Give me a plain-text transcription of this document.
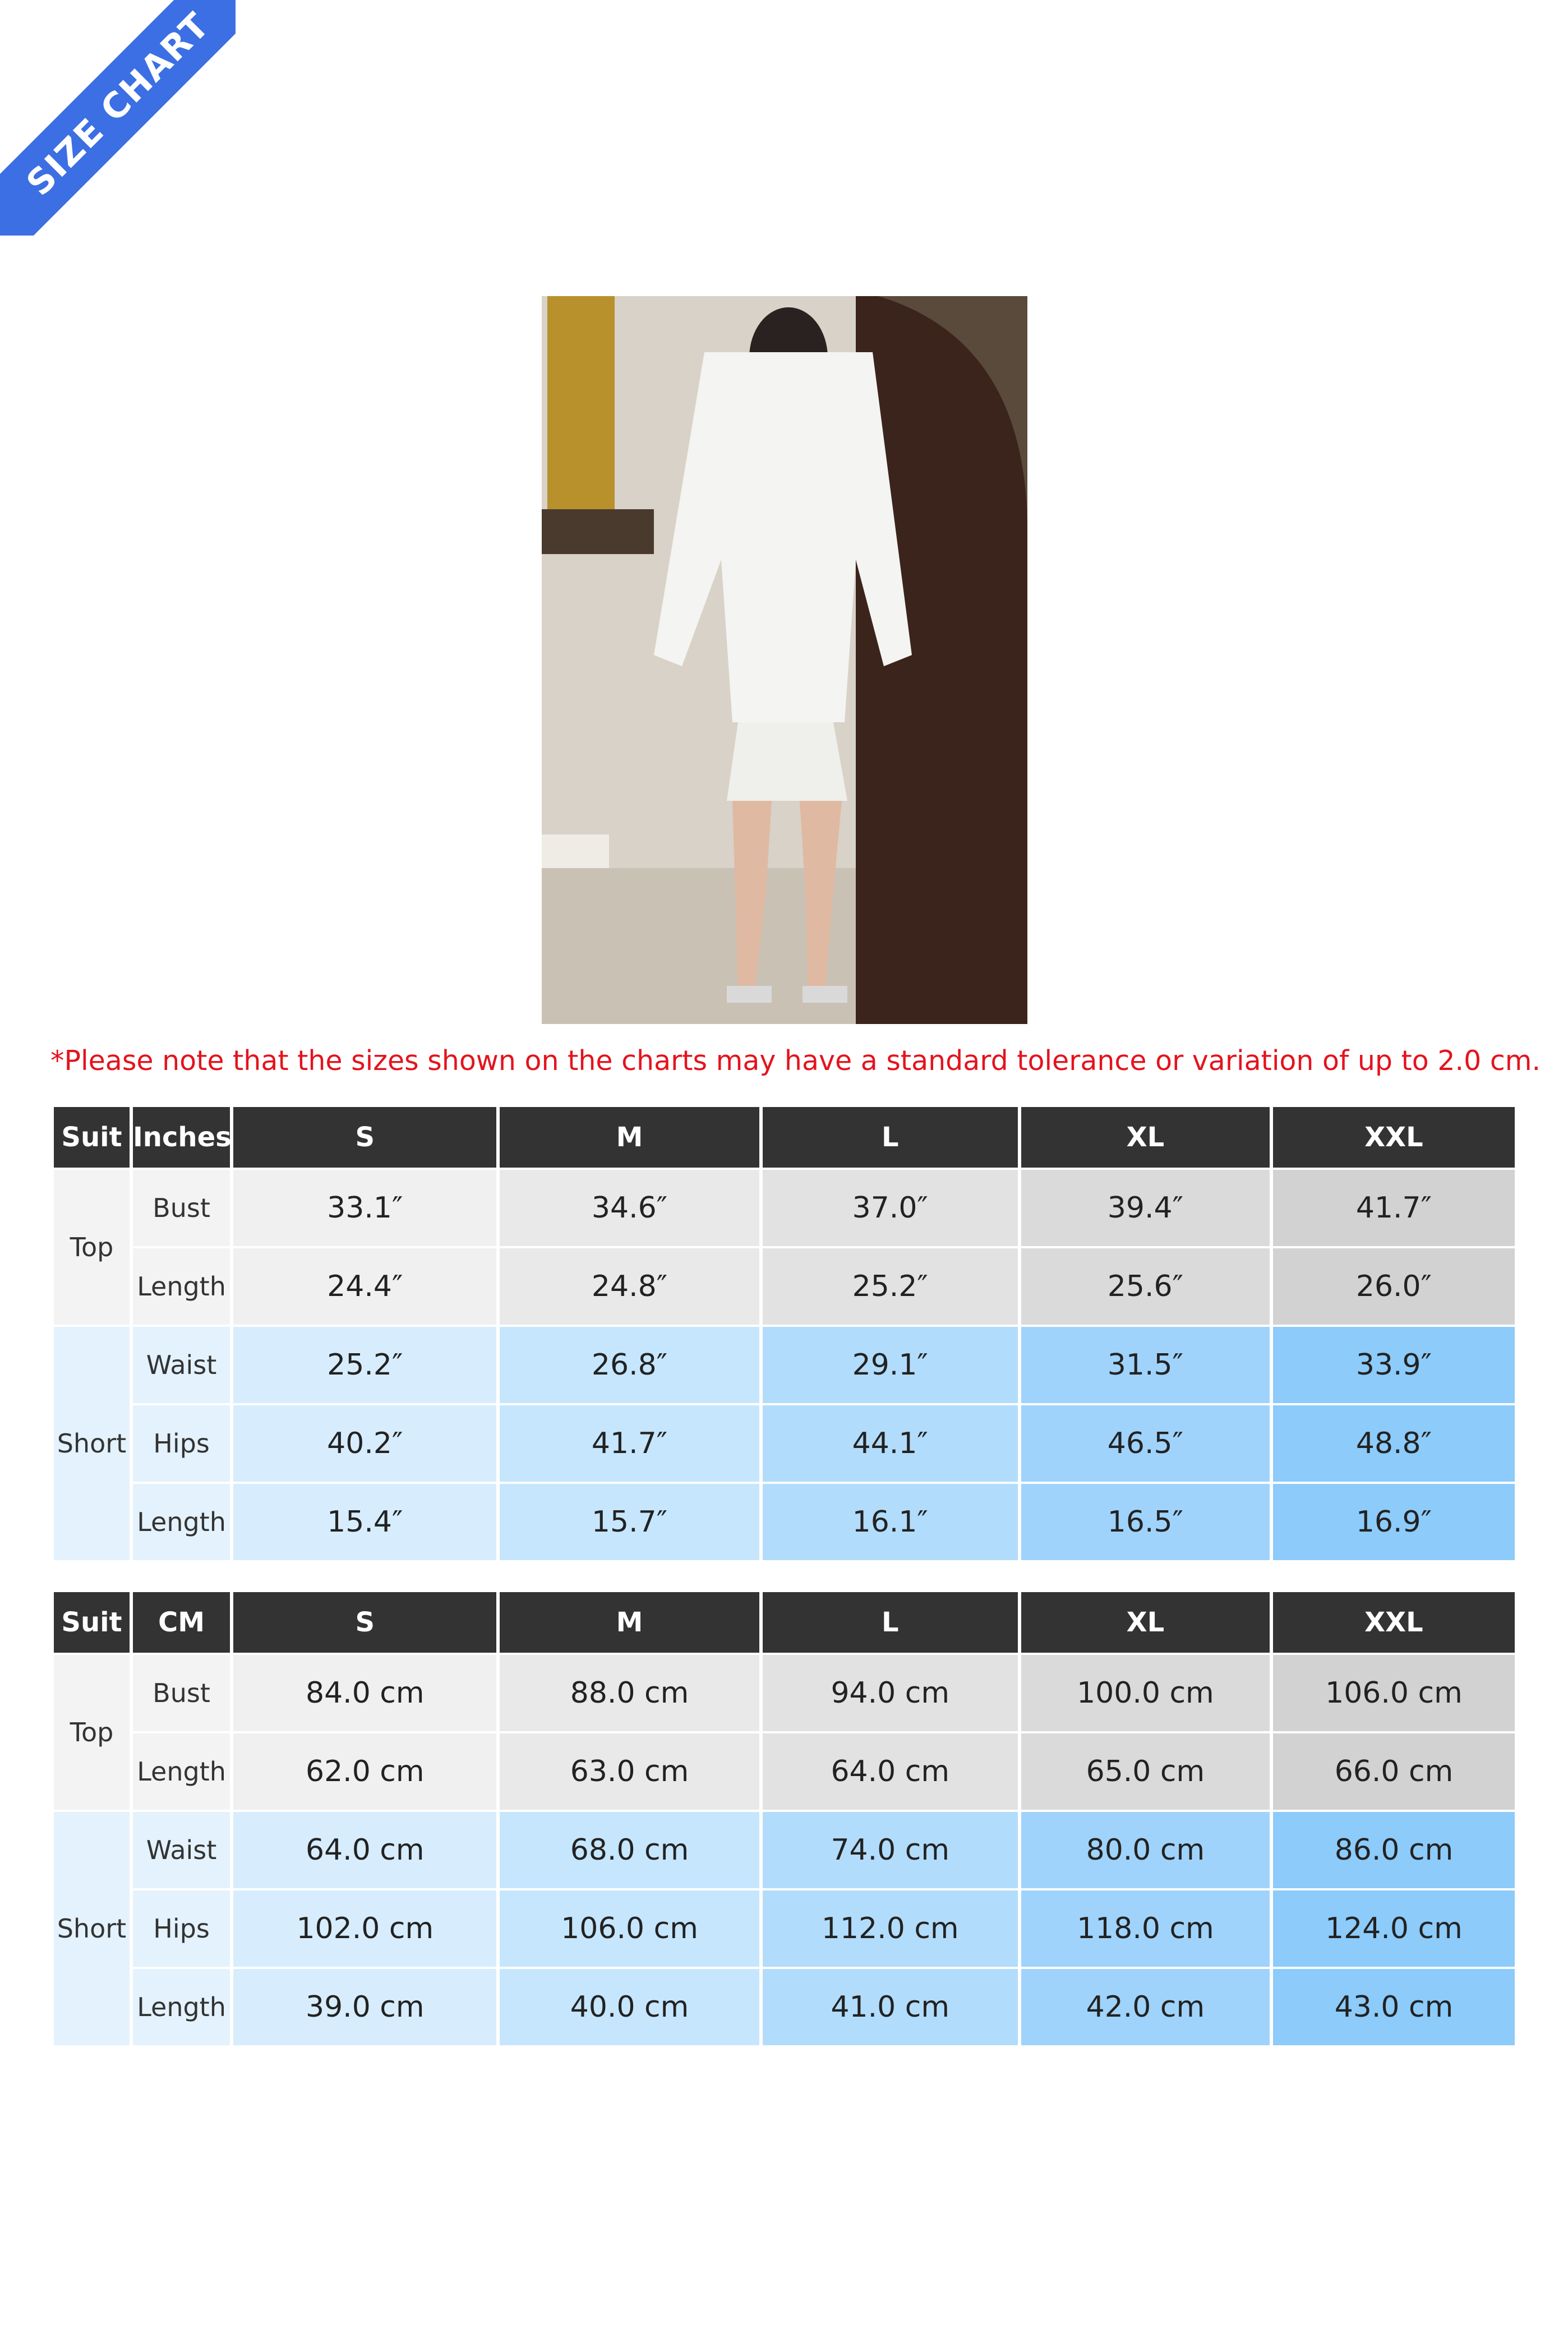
SIZE CHART
*Please note that the sizes shown on the charts may have a standard tolerance or variation of up to 2.0 cm.
Suit	Inches	S	M	L	XL	XXL
Top	Bust	33.1″	34.6″	37.0″	39.4″	41.7″
	Length	24.4″	24.8″	25.2″	25.6″	26.0″
Short	Waist	25.2″	26.8″	29.1″	31.5″	33.9″
	Hips	40.2″	41.7″	44.1″	46.5″	48.8″
	Length	15.4″	15.7″	16.1″	16.5″	16.9″
Suit	CM	S	M	L	XL	XXL
Top	Bust	84.0 cm	88.0 cm	94.0 cm	100.0 cm	106.0 cm
	Length	62.0 cm	63.0 cm	64.0 cm	65.0 cm	66.0 cm
Short	Waist	64.0 cm	68.0 cm	74.0 cm	80.0 cm	86.0 cm
	Hips	102.0 cm	106.0 cm	112.0 cm	118.0 cm	124.0 cm
	Length	39.0 cm	40.0 cm	41.0 cm	42.0 cm	43.0 cm
